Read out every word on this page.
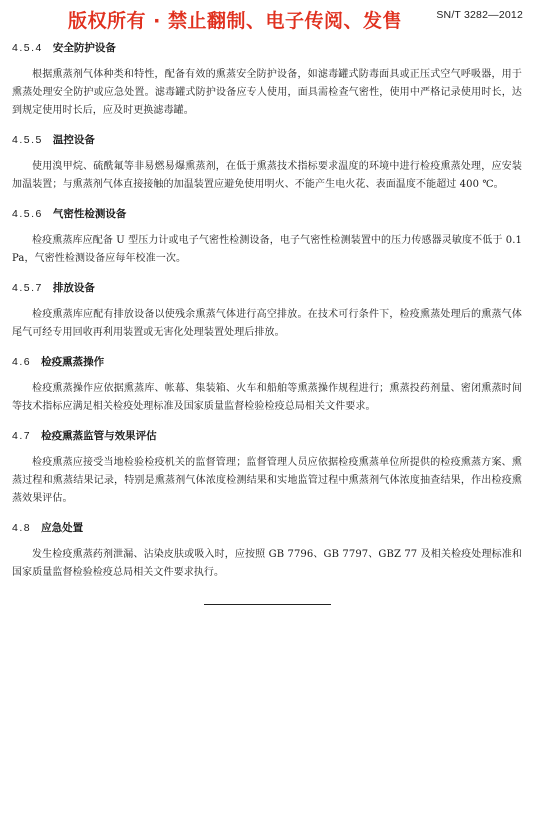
版权所有 · 禁止翻制、电子传阅、发售	SN/T 3282—2012
4.5.4 安全防护设备

根据熏蒸剂气体种类和特性，配备有效的熏蒸安全防护设备，如滤毒罐式防毒面具或正压式空气呼吸器，用于熏蒸处理安全防护或应急处置。滤毒罐式防护设备应专人使用，面具需检查气密性，使用中严格记录使用时长，达到规定使用时长后，应及时更换滤毒罐。

4.5.5 温控设备

使用溴甲烷、硫酰氟等非易燃易爆熏蒸剂，在低于熏蒸技术指标要求温度的环境中进行检疫熏蒸处理，应安装加温装置；与熏蒸剂气体直接接触的加温装置应避免使用明火、不能产生电火花、表面温度不能超过 400 ℃。

4.5.6 气密性检测设备

检疫熏蒸库应配备 U 型压力计或电子气密性检测设备，电子气密性检测装置中的压力传感器灵敏度不低于 0.1 Pa，气密性检测设备应每年校准一次。

4.5.7 排放设备

检疫熏蒸库应配有排放设备以使残余熏蒸气体进行高空排放。在技术可行条件下，检疫熏蒸处理后的熏蒸气体尾气可经专用回收再利用装置或无害化处理装置处理后排放。

4.6 检疫熏蒸操作

检疫熏蒸操作应依据熏蒸库、帐幕、集装箱、火车和船舶等熏蒸操作规程进行；熏蒸投药剂量、密闭熏蒸时间等技术指标应满足相关检疫处理标准及国家质量监督检验检疫总局相关文件要求。

4.7 检疫熏蒸监管与效果评估

检疫熏蒸应接受当地检验检疫机关的监督管理；监督管理人员应依据检疫熏蒸单位所提供的检疫熏蒸方案、熏蒸过程和熏蒸结果记录，特别是熏蒸剂气体浓度检测结果和实地监管过程中熏蒸剂气体浓度抽查结果，作出检疫熏蒸效果评估。

4.8 应急处置

发生检疫熏蒸药剂泄漏、沾染皮肤或吸入时，应按照 GB 7796、GB 7797、GBZ 77 及相关检疫处理标准和国家质量监督检验检疫总局相关文件要求执行。
